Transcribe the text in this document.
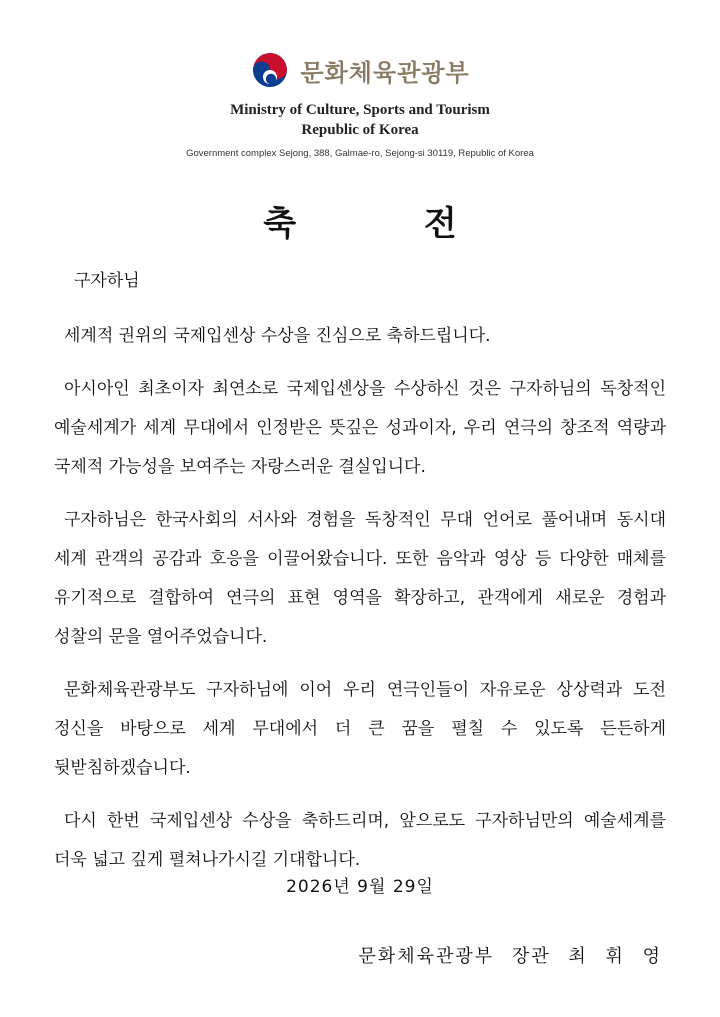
문화체육관광부
Ministry of Culture, Sports and Tourism
Republic of Korea
Government complex Sejong, 388, Galmae-ro, Sejong-si 30119, Republic of Korea
축 전
구자하님

세계적 권위의 국제입센상 수상을 진심으로 축하드립니다.

아시아인 최초이자 최연소로 국제입센상을 수상하신 것은 구자하님의 독창적인 예술세계가 세계 무대에서 인정받은 뜻깊은 성과이자, 우리 연극의 창조적 역량과 국제적 가능성을 보여주는 자랑스러운 결실입니다.

구자하님은 한국사회의 서사와 경험을 독창적인 무대 언어로 풀어내며 동시대 세계 관객의 공감과 호응을 이끌어왔습니다. 또한 음악과 영상 등 다양한 매체를 유기적으로 결합하여 연극의 표현 영역을 확장하고, 관객에게 새로운 경험과 성찰의 문을 열어주었습니다.

문화체육관광부도 구자하님에 이어 우리 연극인들이 자유로운 상상력과 도전 정신을 바탕으로 세계 무대에서 더 큰 꿈을 펼칠 수 있도록 든든하게 뒷받침하겠습니다.

다시 한번 국제입센상 수상을 축하드리며, 앞으로도 구자하님만의 예술세계를 더욱 넓고 깊게 펼쳐나가시길 기대합니다.

2026년 9월 29일
문화체육관광부 장관 최 휘 영
